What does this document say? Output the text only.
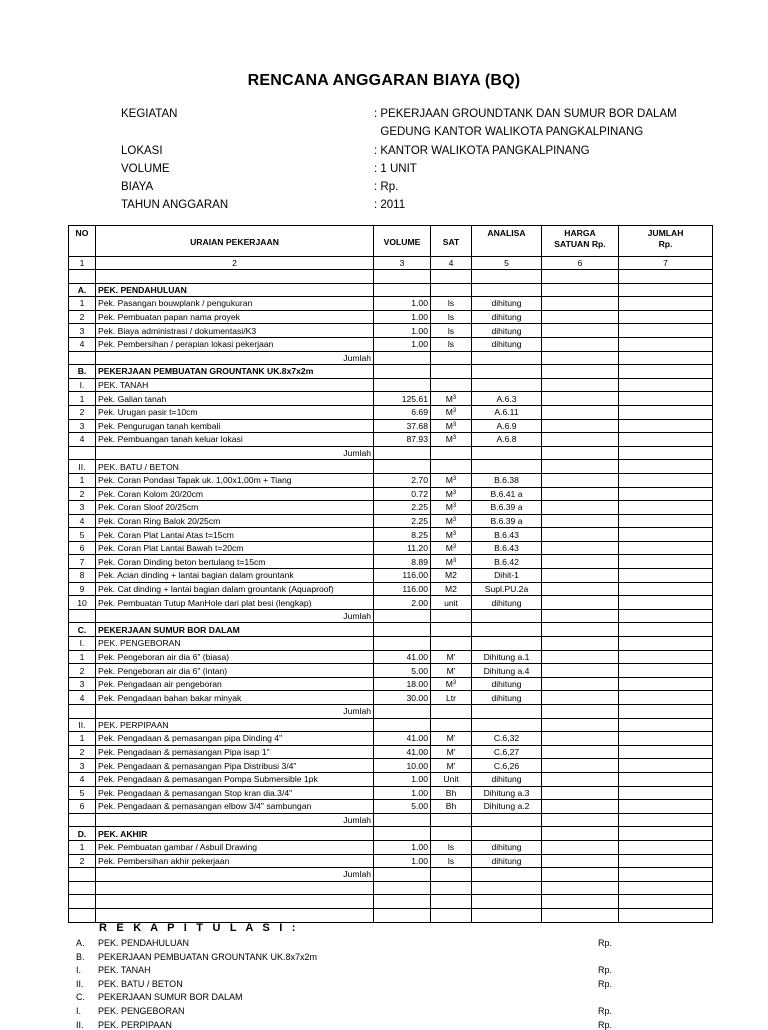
RENCANA ANGGARAN BIAYA (BQ)
KEGIATAN	: PEKERJAAN GROUNDTANK DAN SUMUR BOR DALAM
GEDUNG KANTOR WALIKOTA PANGKALPINANG
LOKASI	: KANTOR WALIKOTA PANGKALPINANG
VOLUME	: 1 UNIT
BIAYA	: Rp.
TAHUN ANGGARAN	: 2011
NO	URAIAN PEKERJAAN	VOLUME	SAT	ANALISA	HARGA
SATUAN Rp.	JUMLAH
Rp.
1	2	3	4	5	6	7

A.	PEK. PENDAHULUAN					
1	Pek. Pasangan bouwplank / pengukuran	1.00	ls	dihitung		
2	Pek. Pembuatan papan nama proyek	1.00	ls	dihitung		
3	Pek. Biaya administrasi / dokumentasi/K3	1.00	ls	dihitung		
4	Pek. Pembersihan / perapian lokasi pekerjaan	1.00	ls	dihitung		
	Jumlah					
B.	PEKERJAAN PEMBUATAN GROUNTANK UK.8x7x2m					
I.	PEK. TANAH					
1	Pek. Galian tanah	125.61	$M^3$	A.6.3		
2	Pek. Urugan pasir t=10cm	6.69	$M^3$	A.6.11		
3	Pek. Pengurugan tanah kembali	37.68	$M^3$	A.6.9		
4	Pek. Pembuangan tanah keluar lokasi	87.93	$M^3$	A.6.8		
	Jumlah					
II.	PEK. BATU / BETON					
1	Pek. Coran Pondasi Tapak uk. 1,00x1,00m + Tiang	2.70	$M^3$	B.6.38		
2	Pek. Coran Kolom 20/20cm	0.72	$M^3$	B.6.41 a		
3	Pek. Coran Sloof 20/25cm	2.25	$M^3$	B.6.39 a		
4	Pek. Coran Ring Balok 20/25cm	2.25	$M^3$	B.6.39 a		
5	Pek. Coran Plat Lantai Atas t=15cm	8.25	$M^3$	B.6.43		
6	Pek. Coran Plat Lantai Bawah t=20cm	11.20	$M^3$	B.6.43		
7	Pek. Coran Dinding beton bertulang t=15cm	8.89	$M^3$	B.6.42		
8	Pek. Acian dinding + lantai bagian dalam grountank	116.00	M2	Dihit-1		
9	Pek. Cat dinding + lantai bagian dalam grountank (Aquaproof)	116.00	M2	Supl.PU.2a		
10	Pek. Pembuatan Tutup ManHole dari plat besi (lengkap)	2.00	unit	dihitung		
	Jumlah					
C.	PEKERJAAN SUMUR BOR DALAM					
I.	PEK. PENGEBORAN					
1	Pek. Pengeboran air dia 6" (biasa)	41.00	M'	Dihitung a.1		
2	Pek. Pengeboran air dia 6" (intan)	5.00	M'	Dihitung a.4		
3	Pek. Pengadaan air pengeboran	18.00	$M^3$	dihitung		
4	Pek. Pengadaan bahan bakar minyak	30.00	Ltr	dihitung		
	Jumlah					
II.	PEK. PERPIPAAN					
1	Pek. Pengadaan & pemasangan pipa Dinding 4"	41.00	M'	C.6,32		
2	Pek. Pengadaan & pemasangan Pipa isap 1"	41.00	M'	C.6,27		
3	Pek. Pengadaan & pemasangan Pipa Distribusi 3/4"	10.00	M'	C.6,26		
4	Pek. Pengadaan & pemasangan Pompa Submersible 1pk	1.00	Unit	dihitung		
5	Pek. Pengadaan & pemasangan Stop kran dia.3/4"	1.00	Bh	Dihitung a.3		
6	Pek. Pengadaan & pemasangan elbow 3/4" sambungan	5.00	Bh	Dihitung a.2		
	Jumlah					
D.	PEK. AKHIR					
1	Pek. Pembuatan gambar / Asbuil Drawing	1.00	ls	dihitung		
2	Pek. Pembersihan akhir pekerjaan	1.00	ls	dihitung		
	Jumlah					

R E K A P I T U L A S I :
A. PEK. PENDAHULUAN	Rp.
B. PEKERJAAN PEMBUATAN GROUNTANK UK.8x7x2m
I. PEK. TANAH	Rp.
II. PEK. BATU / BETON	Rp.
C. PEKERJAAN SUMUR BOR DALAM
I. PEK. PENGEBORAN	Rp.
II. PEK. PERPIPAAN	Rp.
